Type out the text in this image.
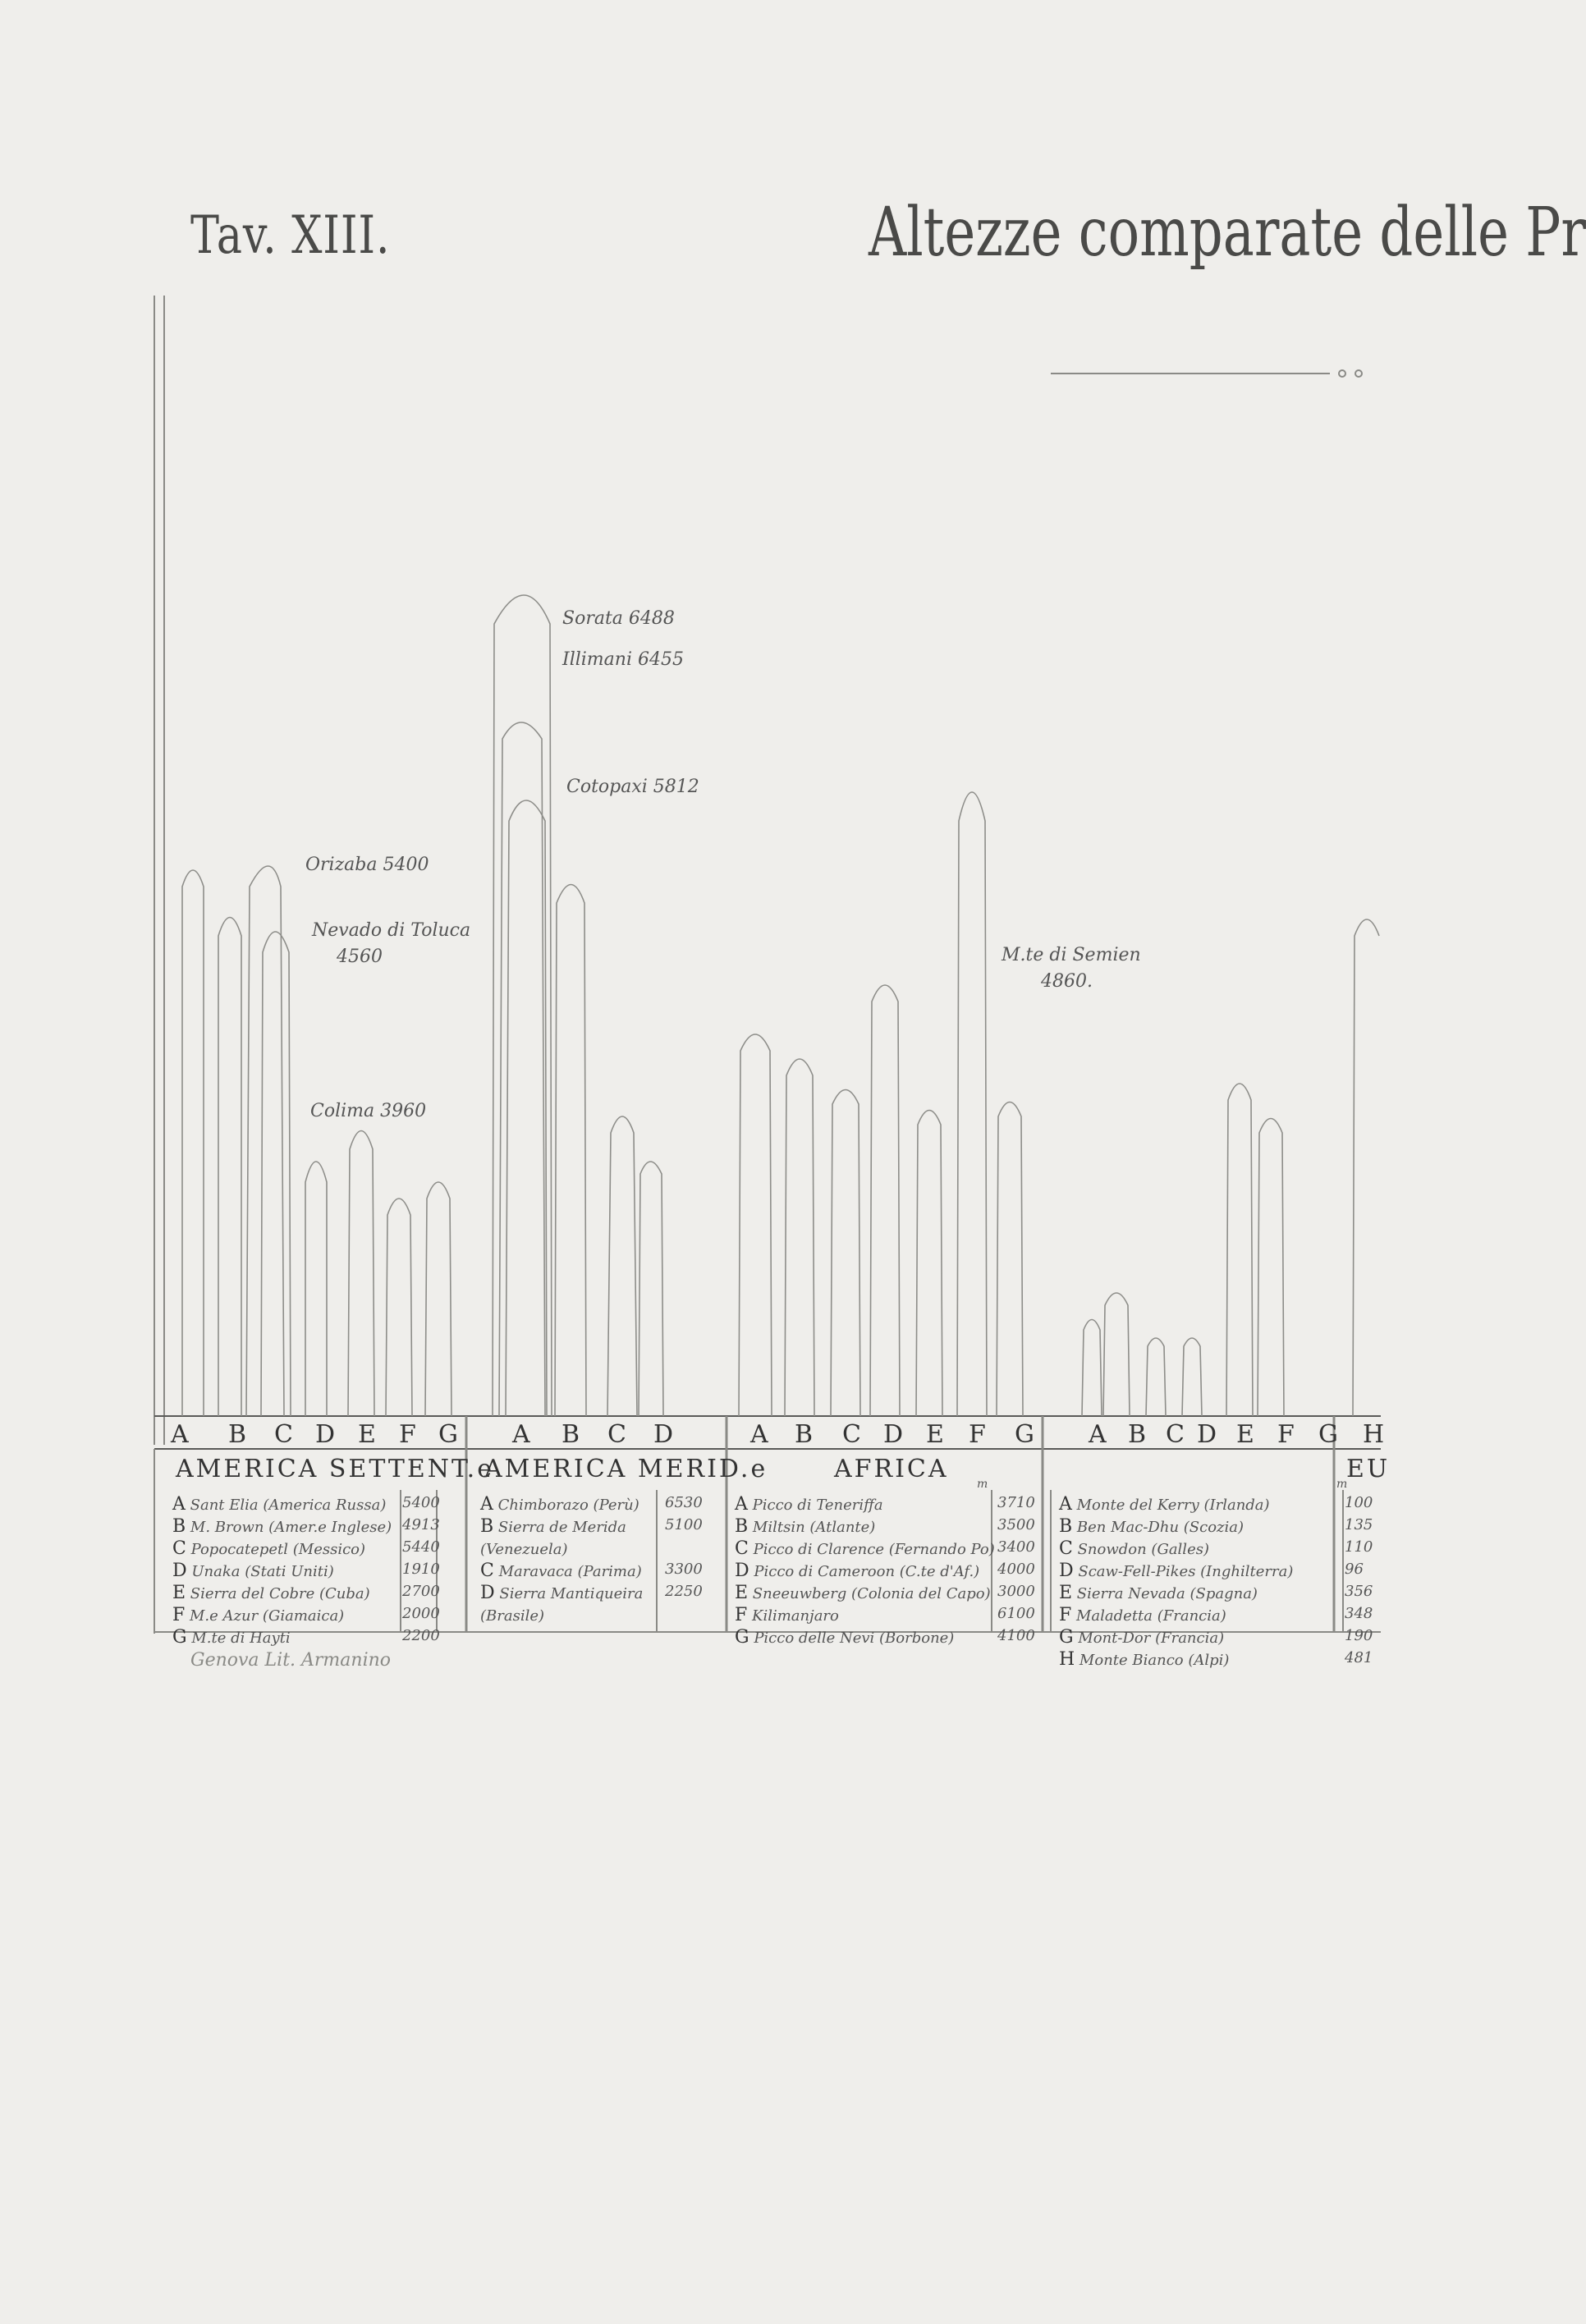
Tav. XIII.	Altezze comparate delle Pr
Sorata 6488
Illimani 6455
Cotopaxi 5812
Orizaba 5400
Nevado di Toluca
4560
Colima 3960
M.te di Semien
4860.
A B C D E F G A B C D	A B C D E F G A B C D E F G H
AMERICA SETTENT.e
AMERICA MERID.e	AFRICA	EU
m	m
A Sant Elia (America Russa) 5400
B M. Brown (Amer.e Inglese) 4913
C Popocatepetl (Messico) 5440
D Unaka (Stati Uniti)	1910
E Sierra del Cobre (Cuba) 2700
F M.e Azur (Giamaica)	2000
G M.te di Hayti	2200
A Chimborazo (Perù) 6530
B Sierra de Merida	5100
(Venezuela)
C Maravaca (Parima) 3300
D Sierra Mantiqueira 2250
(Brasile)
A Picco di Teneriffa	3710
B Miltsin (Atlante)	3500
C Picco di Clarence (Fernando Po) 3400
D Picco di Cameroon (C.te d'Af.) 4000
E Sneeuwberg (Colonia del Capo) 3000
F Kilimanjaro	6100
G Picco delle Nevi (Borbone)	4100
A Monte del Kerry (Irlanda)	100
B Ben Mac-Dhu (Scozia)	135
C Snowdon (Galles)	110
D Scaw-Fell-Pikes (Inghilterra)	96
E Sierra Nevada (Spagna)	356
F Maladetta (Francia)	348
G Mont-Dor (Francia)	190
H Monte Bianco (Alpi)	481
Genova Lit. Armanino
